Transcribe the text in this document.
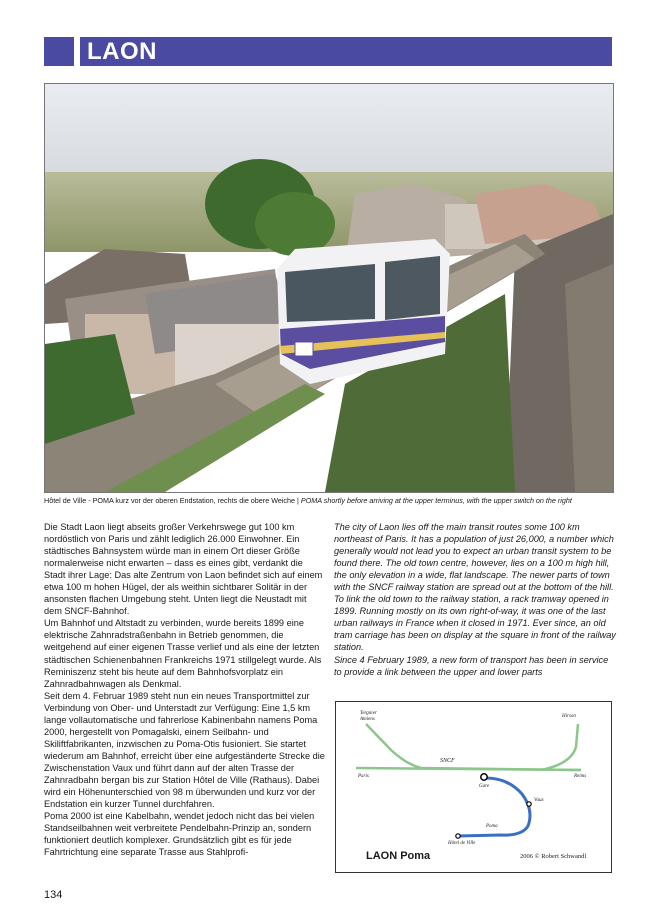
LAON
Hôtel de Ville - POMA kurz vor der oberen Endstation, rechts die obere Weiche | POMA shortly before arriving at the upper terminus, with the upper switch on the right

Die Stadt Laon liegt abseits großer Verkehrswege gut 100 km nordöstlich von Paris und zählt lediglich 26.000 Einwohner. Ein städtisches Bahnsystem würde man in einem Ort dieser Größe normalerweise nicht erwarten – dass es eines gibt, verdankt die Stadt ihrer Lage: Das alte Zentrum von Laon befindet sich auf einem etwa 100 m hohen Hügel, der als weithin sichtbarer Solitär in der ansonsten flachen Umgebung steht. Unten liegt die Neustadt mit dem SNCF-Bahnhof.

Um Bahnhof und Altstadt zu verbinden, wurde bereits 1899 eine elektrische Zahnradstraßenbahn in Betrieb genommen, die weitgehend auf einer eigenen Trasse verlief und als eine der letzten städtischen Schienenbahnen Frankreichs 1971 stillgelegt wurde. Als Reminiszenz steht bis heute auf dem Bahnhofsvorplatz ein Zahnradbahnwagen als Denkmal.

Seit dem 4. Februar 1989 steht nun ein neues Transportmittel zur Verbindung von Ober- und Unterstadt zur Verfügung: Eine 1,5 km lange vollautomatische und fahrerlose Kabinenbahn namens Poma 2000, hergestellt von Pomagalski, einem Seilbahn- und Skiliftfabrikanten, inzwischen zu Poma-Otis fusioniert. Sie startet wiederum am Bahnhof, erreicht über eine aufgeständerte Strecke die Zwischenstation Vaux und führt dann auf der alten Trasse der Zahnradbahn bergan bis zur Station Hôtel de Ville (Rathaus). Dabei wird ein Höhenunterschied von 98 m überwunden und kurz vor der Endstation ein kurzer Tunnel durchfahren.

Poma 2000 ist eine Kabelbahn, wendet jedoch nicht das bei vielen Standseilbahnen weit verbreitete Pendelbahn-Prinzip an, sondern funktioniert deutlich komplexer. Grundsätzlich gibt es für jede Fahrtrichtung eine separate Trasse aus Stahlprofi-

The city of Laon lies off the main transit routes some 100 km northeast of Paris. It has a population of just 26,000, a number which generally would not lead you to expect an urban transit system to be found there. The old town centre, however, lies on a 100 m high hill, the only elevation in a wide, flat landscape. The newer parts of town with the SNCF railway station are spread out at the bottom of the hill.

To link the old town to the railway station, a rack tramway opened in 1899. Running mostly on its own right-of-way, it was one of the last urban railways in France when it closed in 1971. Ever since, an old tram carriage has been on display at the square in front of the railway station.

Since 4 February 1989, a new form of transport has been in service to provide a link between the upper and lower parts

Tergnier
Amiens
Hirson
Paris	Reims
SNCF
Gare
Vaux
Poma
Hôtel de Ville
LAON Poma	2006 © Robert Schwandl
134
